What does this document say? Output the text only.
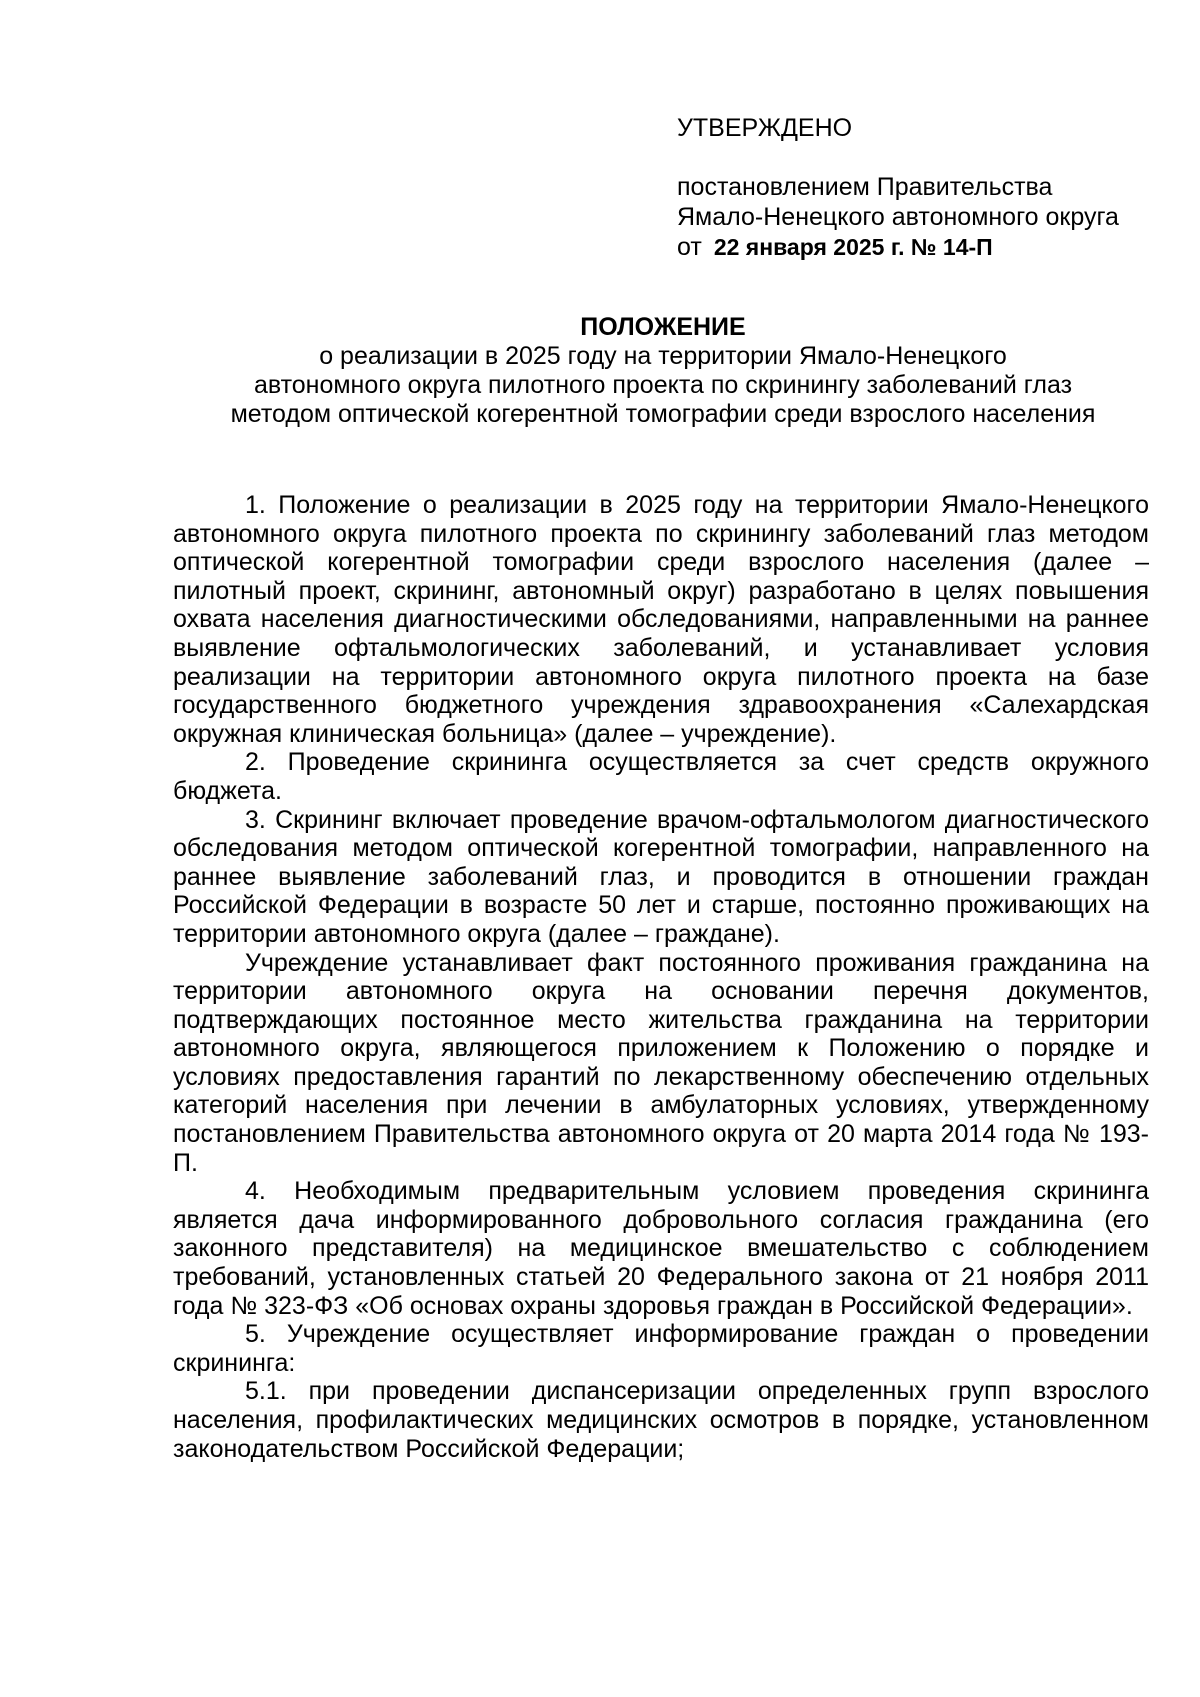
УТВЕРЖДЕНО
постановлением Правительства
Ямало-Ненецкого автономного округа
от 22 января 2025 г. № 14-П
ПОЛОЖЕНИЕ
о реализации в 2025 году на территории Ямало-Ненецкого
автономного округа пилотного проекта по скринингу заболеваний глаз
методом оптической когерентной томографии среди взрослого населения

1. Положение о реализации в 2025 году на территории Ямало-Ненецкого автономного округа пилотного проекта по скринингу заболеваний глаз методом оптической когерентной томографии среди взрослого населения (далее – пилотный проект, скрининг, автономный округ) разработано в целях повышения охвата населения диагностическими обследованиями, направленными на раннее выявление офтальмологических заболеваний, и устанавливает условия реализации на территории автономного округа пилотного проекта на базе государственного бюджетного учреждения здравоохранения «Салехардская окружная клиническая больница» (далее – учреждение).

2. Проведение скрининга осуществляется за счет средств окружного бюджета.

3. Скрининг включает проведение врачом-офтальмологом диагностического обследования методом оптической когерентной томографии, направленного на раннее выявление заболеваний глаз, и проводится в отношении граждан Российской Федерации в возрасте 50 лет и старше, постоянно проживающих на территории автономного округа (далее – граждане).

Учреждение устанавливает факт постоянного проживания гражданина на территории автономного округа на основании перечня документов, подтверждающих постоянное место жительства гражданина на территории автономного округа, являющегося приложением к Положению о порядке и условиях предоставления гарантий по лекарственному обеспечению отдельных категорий населения при лечении в амбулаторных условиях, утвержденному постановлением Правительства автономного округа от 20 марта 2014 года № 193-П.

4. Необходимым предварительным условием проведения скрининга является дача информированного добровольного согласия гражданина (его законного представителя) на медицинское вмешательство с соблюдением требований, установленных статьей 20 Федерального закона от 21 ноября 2011 года № 323-ФЗ «Об основах охраны здоровья граждан в Российской Федерации».

5. Учреждение осуществляет информирование граждан о проведении скрининга:

5.1. при проведении диспансеризации определенных групп взрослого населения, профилактических медицинских осмотров в порядке, установленном законодательством Российской Федерации;
